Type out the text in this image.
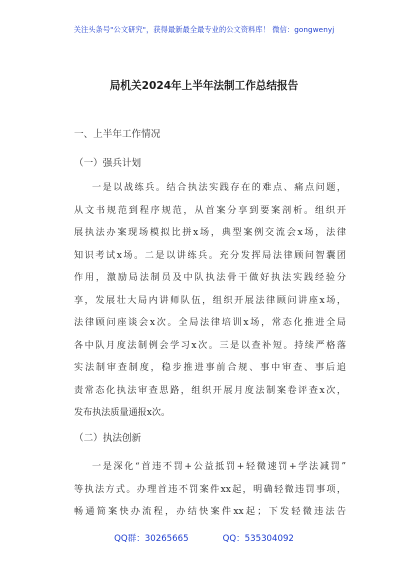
关注头条号"公文研究"，获得最新最全最专业的公文资料库！ 微信：gongwenyj
局机关2024年上半年法制工作总结报告
一、上半年工作情况
（一）强兵计划
一是以战练兵。结合执法实践存在的难点、痛点问题，
从文书规范到程序规范，从首案分享到要案剖析。组织开
展执法办案现场模拟比拼x场，典型案例交流会x场，法律
知识考试x场。二是以讲练兵。充分发挥局法律顾问智囊团
作用，激励局法制员及中队执法骨干做好执法实践经验分
享，发展壮大局内讲师队伍，组织开展法律顾问讲座x场，
法律顾问座谈会x次。全局法律培训x场，常态化推进全局
各中队月度法制例会学习x次。三是以查补短。持续严格落
实法制审查制度，稳步推进事前合规、事中审查、事后追
责常态化执法审查思路，组织开展月度法制案卷评查x次，
发布执法质量通报x次。
（二）执法创新
一是深化“首违不罚+公益抵罚+轻微速罚+学法减罚”
等执法方式。办理首违不罚案件xx起，明确轻微违罚事项，
畅通简案快办流程，办结快案件xx起；下发轻微违法告
QQ群：30265665	QQ：535304092
